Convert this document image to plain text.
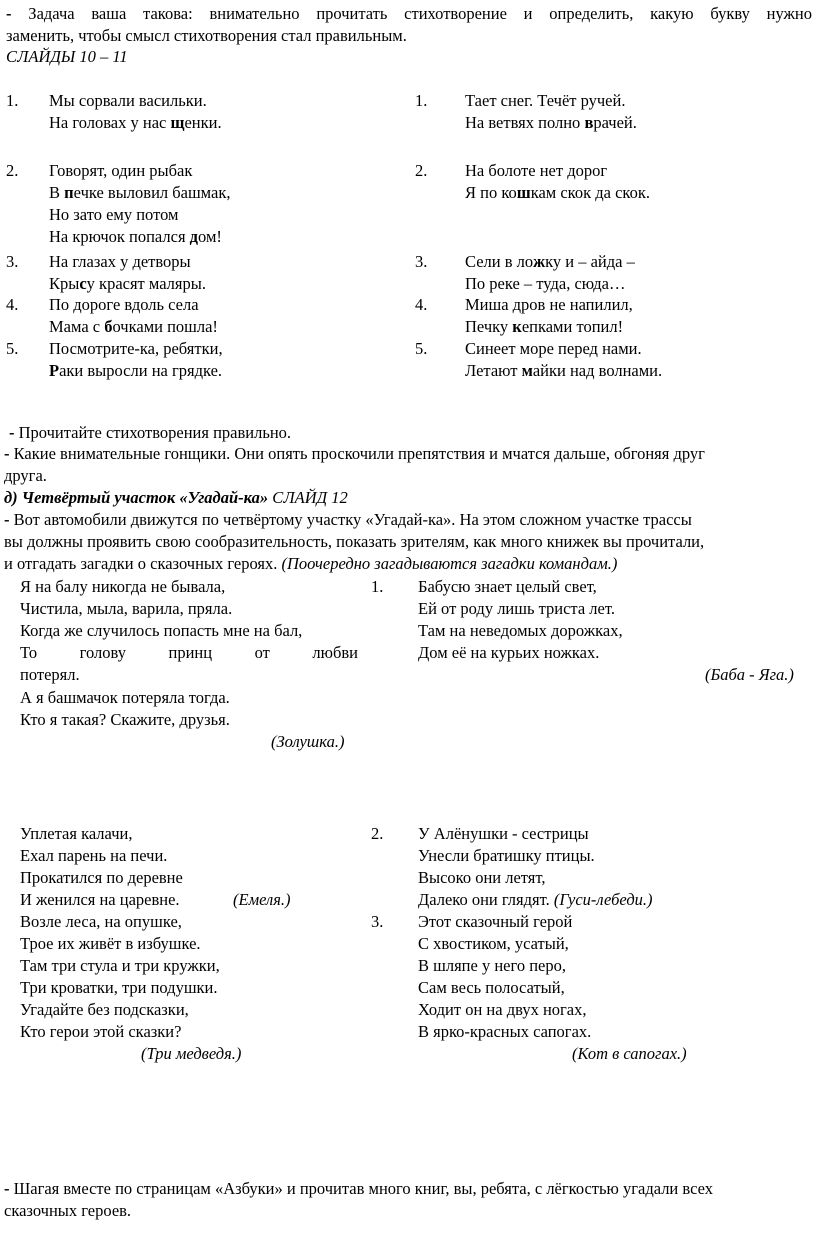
- Задача ваша такова: внимательно прочитать стихотворение и определить, какую букву нужно
заменить, чтобы смысл стихотворения стал правильным.
СЛАЙДЫ 10 – 11
1. Мы сорвали васильки.
На головах у нас щенки.
2. Говорят, один рыбак
В печке выловил башмак,
Но зато ему потом
На крючок попался дом!
3. На глазах у детворы
Крысу красят маляры.
4. По дороге вдоль села
Мама с бочками пошла!
5. Посмотрите-ка, ребятки,
Раки выросли на грядке.
1. Тает снег. Течёт ручей.
На ветвях полно врачей.
2. На болоте нет дорог
Я по кошкам скок да скок.
3. Сели в ложку и – айда –
По реке – туда, сюда…
4. Миша дров не напилил,
Печку кепками топил!
5. Синеет море перед нами.
Летают майки над волнами.
- Прочитайте стихотворения правильно.
- Какие внимательные гонщики. Они опять проскочили препятствия и мчатся дальше, обгоняя друг
друга.
д) Четвёртый участок «Угадай-ка» СЛАЙД 12
- Вот автомобили движутся по четвёртому участку «Угадай-ка». На этом сложном участке трассы
вы должны проявить свою сообразительность, показать зрителям, как много книжек вы прочитали,
и отгадать загадки о сказочных героях. (Поочередно загадываются загадки командам.)
Я на балу никогда не бывала,
Чистила, мыла, варила, пряла.
Когда же случилось попасть мне на бал,
То голову принц от любви
потерял.
А я башмачок потеряла тогда.
Кто я такая? Скажите, друзья.
(Золушка.)
1. Бабусю знает целый свет,
Ей от роду лишь триста лет.
Там на неведомых дорожках,
Дом её на курьих ножках.
(Баба - Яга.)
Уплетая калачи,
Ехал парень на печи.
Прокатился по деревне
И женился на царевне.	(Емеля.)
Возле леса, на опушке,
Трое их живёт в избушке.
Там три стула и три кружки,
Три кроватки, три подушки.
Угадайте без подсказки,
Кто герои этой сказки?
(Три медведя.)
2. У Алёнушки - сестрицы
Унесли братишку птицы.
Высоко они летят,
Далеко они глядят. (Гуси-лебеди.)
3. Этот сказочный герой
С хвостиком, усатый,
В шляпе у него перо,
Сам весь полосатый,
Ходит он на двух ногах,
В ярко-красных сапогах.
(Кот в сапогах.)
- Шагая вместе по страницам «Азбуки» и прочитав много книг, вы, ребята, с лёгкостью угадали всех
сказочных героев.
